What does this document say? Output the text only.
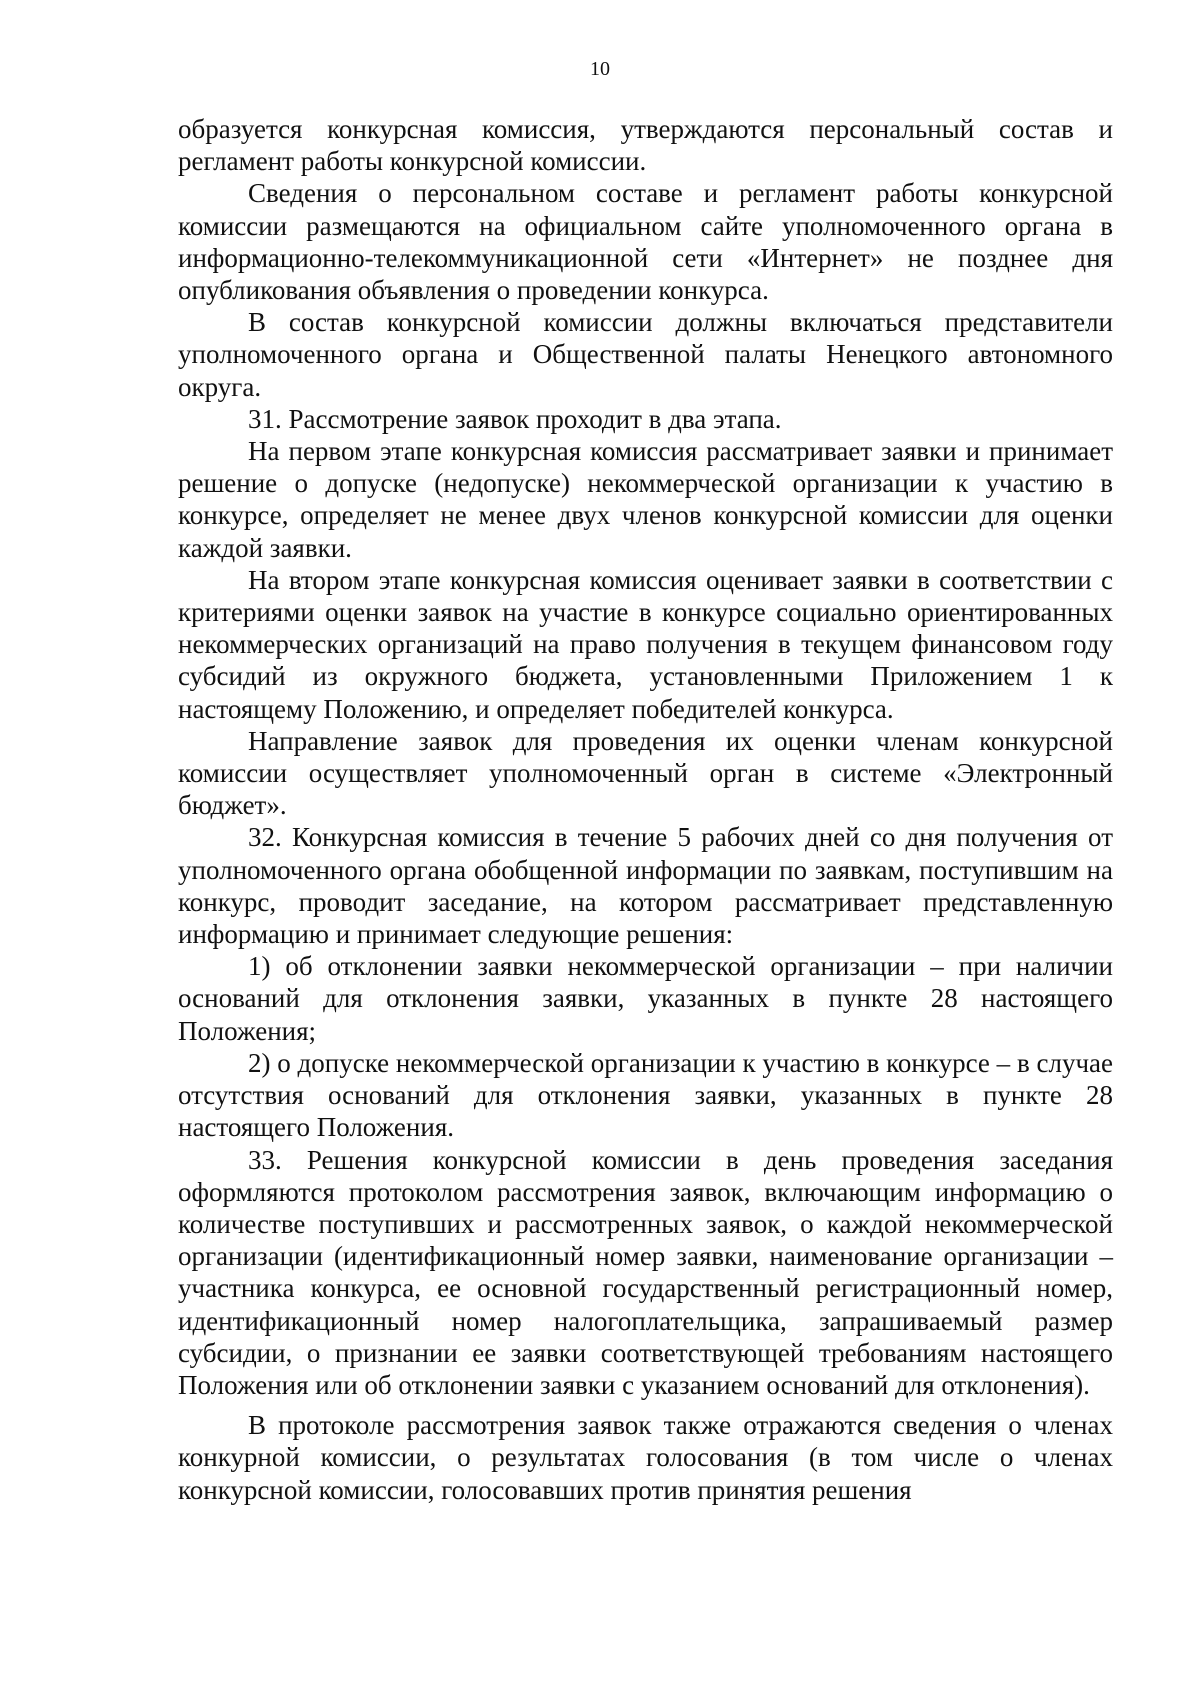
10

образуется конкурсная комиссия, утверждаются персональный состав и регламент работы конкурсной комиссии.

Сведения о персональном составе и регламент работы конкурсной комиссии размещаются на официальном сайте уполномоченного органа в информационно-телекоммуникационной сети «Интернет» не позднее дня опубликования объявления о проведении конкурса.

В состав конкурсной комиссии должны включаться представители уполномоченного органа и Общественной палаты Ненецкого автономного округа.

31. Рассмотрение заявок проходит в два этапа.

На первом этапе конкурсная комиссия рассматривает заявки и принимает решение о допуске (недопуске) некоммерческой организации к участию в конкурсе, определяет не менее двух членов конкурсной комиссии для оценки каждой заявки.

На втором этапе конкурсная комиссия оценивает заявки в соответствии с критериями оценки заявок на участие в конкурсе социально ориентированных некоммерческих организаций на право получения в текущем финансовом году субсидий из окружного бюджета, установленными Приложением 1 к настоящему Положению, и определяет победителей конкурса.

Направление заявок для проведения их оценки членам конкурсной комиссии осуществляет уполномоченный орган в системе «Электронный бюджет».

32. Конкурсная комиссия в течение 5 рабочих дней со дня получения от уполномоченного органа обобщенной информации по заявкам, поступившим на конкурс, проводит заседание, на котором рассматривает представленную информацию и принимает следующие решения:

1) об отклонении заявки некоммерческой организации – при наличии оснований для отклонения заявки, указанных в пункте 28 настоящего Положения;

2) о допуске некоммерческой организации к участию в конкурсе – в случае отсутствия оснований для отклонения заявки, указанных в пункте 28 настоящего Положения.

33. Решения конкурсной комиссии в день проведения заседания оформляются протоколом рассмотрения заявок, включающим информацию о количестве поступивших и рассмотренных заявок, о каждой некоммерческой организации (идентификационный номер заявки, наименование организации – участника конкурса, ее основной государственный регистрационный номер, идентификационный номер налогоплательщика, запрашиваемый размер субсидии, о признании ее заявки соответствующей требованиям настоящего Положения или об отклонении заявки с указанием оснований для отклонения).

В протоколе рассмотрения заявок также отражаются сведения о членах конкурной комиссии, о результатах голосования (в том числе о членах конкурсной комиссии, голосовавших против принятия решения
